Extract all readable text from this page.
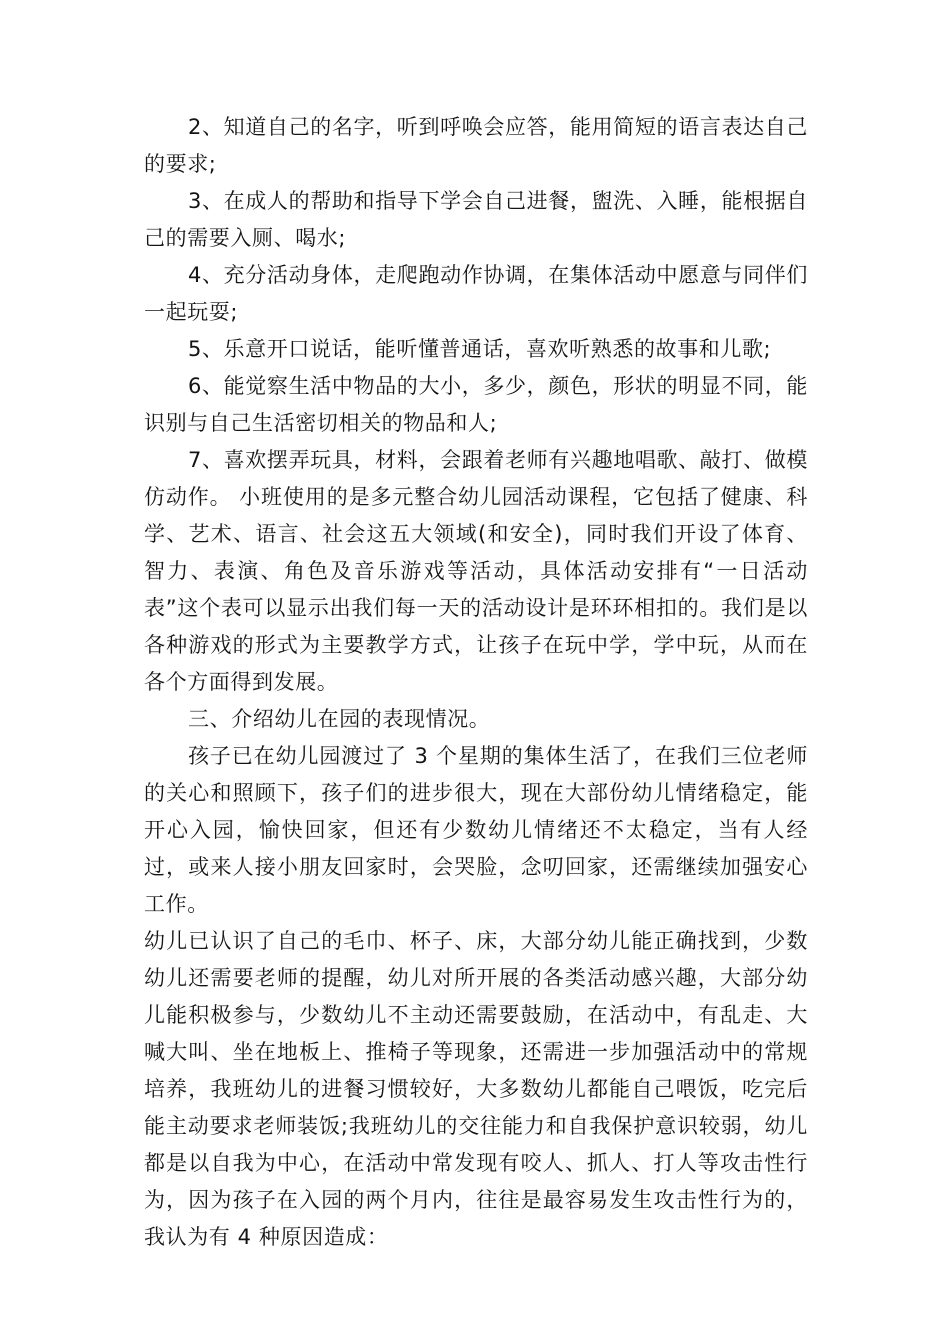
2、知道自己的名字，听到呼唤会应答，能用简短的语言表达自己的要求;

3、在成人的帮助和指导下学会自己进餐，盥洗、入睡，能根据自己的需要入厕、喝水;

4、充分活动身体，走爬跑动作协调，在集体活动中愿意与同伴们一起玩耍;

5、乐意开口说话，能听懂普通话，喜欢听熟悉的故事和儿歌;

6、能觉察生活中物品的大小，多少，颜色，形状的明显不同，能识别与自己生活密切相关的物品和人;

7、喜欢摆弄玩具，材料，会跟着老师有兴趣地唱歌、敲打、做模仿动作。 小班使用的是多元整合幼儿园活动课程，它包括了健康、科学、艺术、语言、社会这五大领域(和安全)，同时我们开设了体育、智力、表演、角色及音乐游戏等活动，具体活动安排有“一日活动表”这个表可以显示出我们每一天的活动设计是环环相扣的。我们是以各种游戏的形式为主要教学方式，让孩子在玩中学，学中玩，从而在各个方面得到发展。

三、介绍幼儿在园的表现情况。

孩子已在幼儿园渡过了 3 个星期的集体生活了，在我们三位老师的关心和照顾下，孩子们的进步很大，现在大部份幼儿情绪稳定，能开心入园，愉快回家，但还有少数幼儿情绪还不太稳定，当有人经过，或来人接小朋友回家时，会哭脸，念叨回家，还需继续加强安心工作。

幼儿已认识了自己的毛巾、杯子、床，大部分幼儿能正确找到，少数幼儿还需要老师的提醒，幼儿对所开展的各类活动感兴趣，大部分幼儿能积极参与，少数幼儿不主动还需要鼓励，在活动中，有乱走、大喊大叫、坐在地板上、推椅子等现象，还需进一步加强活动中的常规培养，我班幼儿的进餐习惯较好，大多数幼儿都能自己喂饭，吃完后能主动要求老师装饭;我班幼儿的交往能力和自我保护意识较弱，幼儿都是以自我为中心，在活动中常发现有咬人、抓人、打人等攻击性行为，因为孩子在入园的两个月内，往往是最容易发生攻击性行为的，我认为有 4 种原因造成：
